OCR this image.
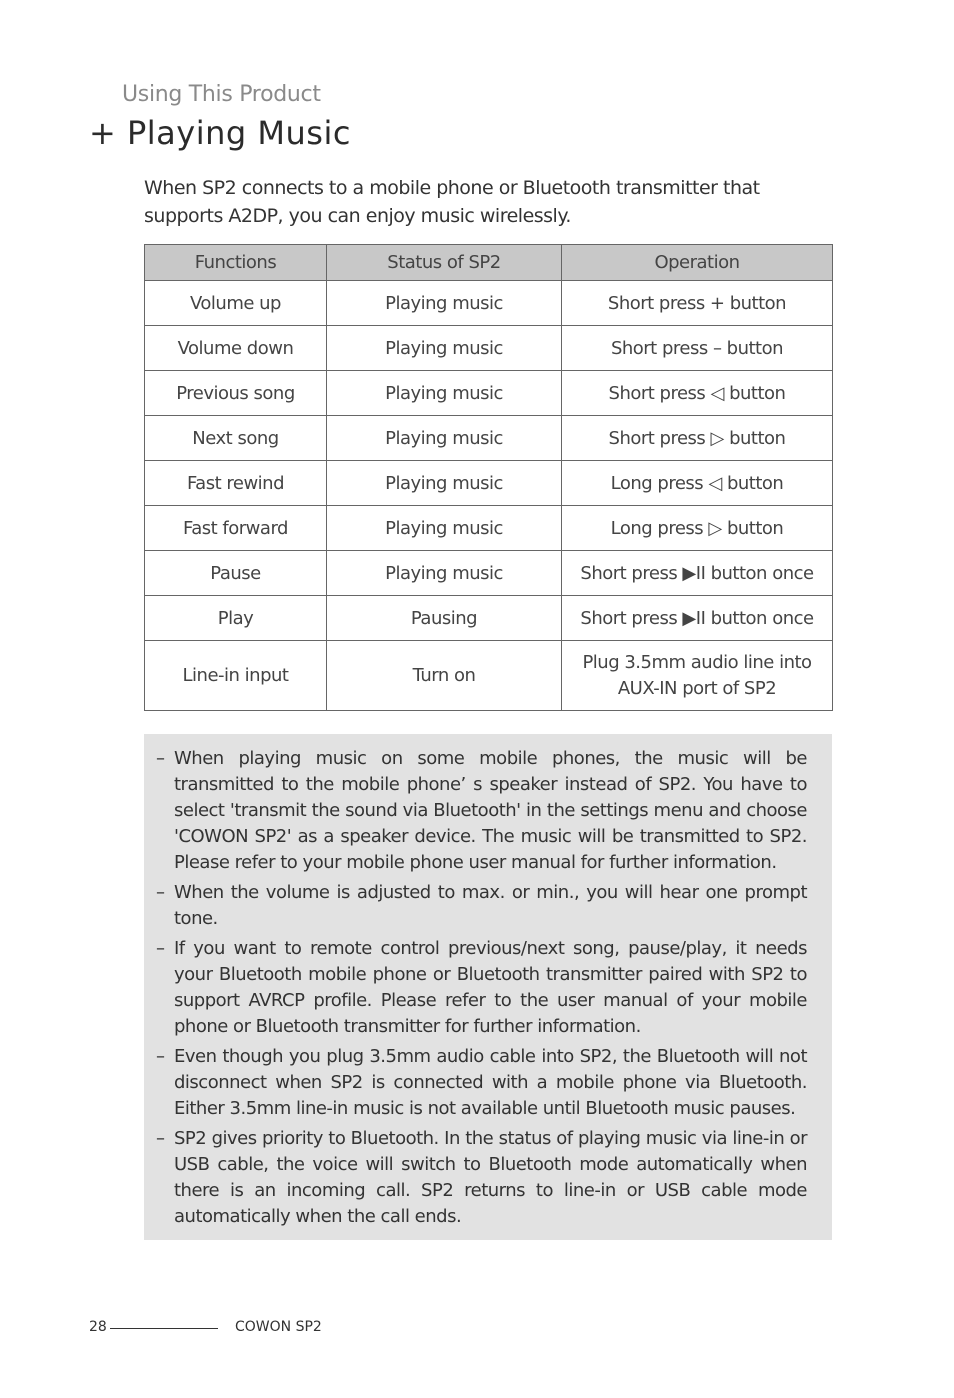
Using This Product
+ Playing Music
When SP2 connects to a mobile phone or Bluetooth transmitter that supports A2DP, you can enjoy music wirelessly.
Functions	Status of SP2	Operation
Volume up	Playing music	Short press + button
Volume down	Playing music	Short press – button
Previous song	Playing music	Short press ◁ button
Next song	Playing music	Short press ▷ button
Fast rewind	Playing music	Long press ◁ button
Fast forward	Playing music	Long press ▷ button
Pause	Playing music	Short press ▶II button once
Play	Pausing	Short press ▶II button once
Line-in input	Turn on	Plug 3.5mm audio line into AUX-IN port of SP2
– When playing music on some mobile phones, the music will be transmitted to the mobile phone’ s speaker instead of SP2. You have to select 'transmit the sound via Bluetooth' in the settings menu and choose 'COWON SP2' as a speaker device. The music will be transmitted to SP2. Please refer to your mobile phone user manual for further information.
– When the volume is adjusted to max. or min., you will hear one prompt tone.
– If you want to remote control previous/next song, pause/play, it needs your Bluetooth mobile phone or Bluetooth transmitter paired with SP2 to support AVRCP profile. Please refer to the user manual of your mobile phone or Bluetooth transmitter for further information.
– Even though you plug 3.5mm audio cable into SP2, the Bluetooth will not disconnect when SP2 is connected with a mobile phone via Bluetooth. Either 3.5mm line-in music is not available until Bluetooth music pauses.
– SP2 gives priority to Bluetooth. In the status of playing music via line-in or USB cable, the voice will switch to Bluetooth mode automatically when there is an incoming call. SP2 returns to line-in or USB cable mode automatically when the call ends.
28	COWON SP2
